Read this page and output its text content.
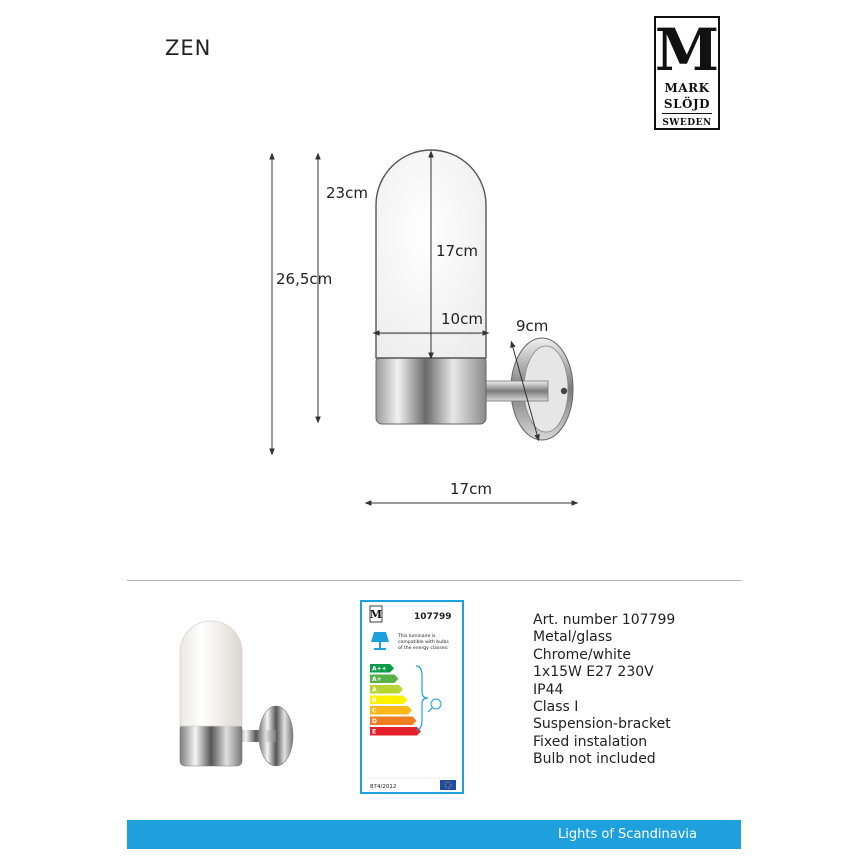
ZEN	M
MARK
SLÖJD
SWEDEN
26,5cm
23cm
17cm
10cm 9cm
17cm
M	107799
This luminaire is
compatible with bulbs
of the energy classes:
A++
A+
A
B
C
D
E
874/2012
Art. number 107799
Metal/glass
Chrome/white
1x15W E27 230V
IP44
Class I
Suspension-bracket
Fixed instalation
Bulb not included
Lights of Scandinavia
